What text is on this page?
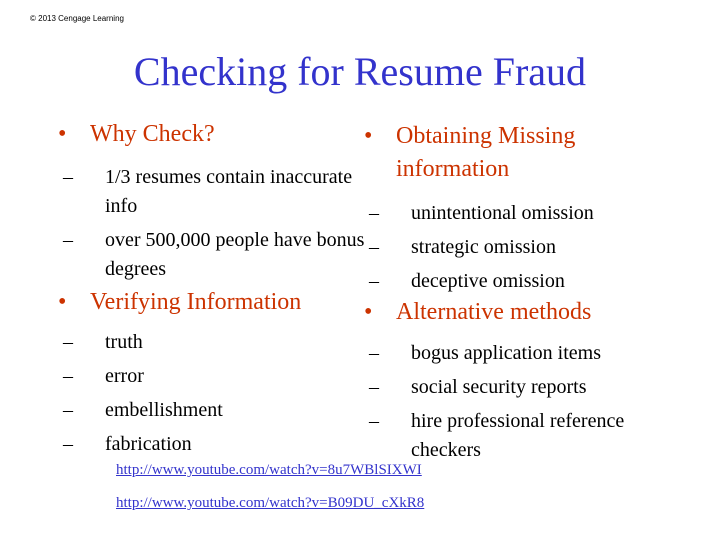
© 2013 Cengage Learning
Checking for Resume Fraud
• Why Check?
– 1/3 resumes contain inaccurate info
– over 500,000 people have bonus degrees
• Verifying Information
– truth
– error
– embellishment
– fabrication
• Obtaining Missing information
– unintentional omission
– strategic omission
– deceptive omission
• Alternative methods
– bogus application items
– social security reports
– hire professional reference checkers
http://www.youtube.com/watch?v=8u7WBlSIXWI
http://www.youtube.com/watch?v=B09DU_cXkR8
